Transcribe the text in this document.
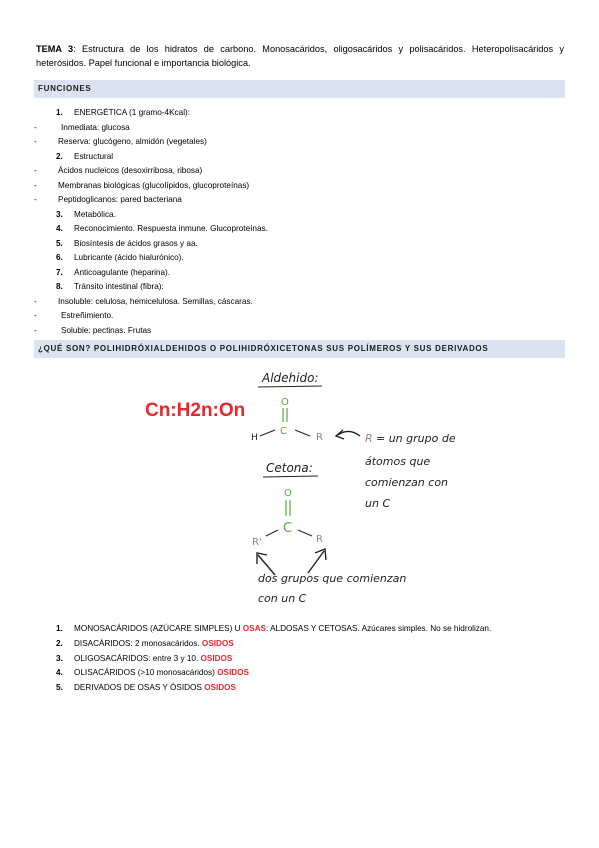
TEMA 3: Estructura de los hidratos de carbono. Monosacáridos, oligosacáridos y polisacáridos. Heteropolisacáridos y heterósidos. Papel funcional e importancia biológica.
FUNCIONES
1.	ENERGÉTICA (1 gramo-4Kcal):
-	Inmediata: glucosa
-	Reserva: glucógeno, almidón (vegetales)
2.	Estructural
-	Ácidos nucleicos (desoxirribosa, ribosa)
-	Membranas biológicas (glucolípidos, glucoproteínas)
-	Peptidoglicanos: pared bacteriana
3.	Metabólica.
4.	Reconocimiento. Respuesta inmune. Glucoproteínas.
5.	Biosíntesis de ácidos grasos y aa.
6.	Lubricante (ácido hialurónico).
7.	Anticoagulante (heparina).
8.	Tránsito intestinal (fibra):
-	Insoluble: celulosa, hemicelulosa. Semillas, cáscaras.
-	Estreñimiento.
-	Soluble: pectinas. Frutas
¿QUÉ SON? POLIHIDRÓXIALDEHIDOS O POLIHIDRÓXICETONAS SUS POLÍMEROS Y SUS DERIVADOS
Cn:H2n:On
Aldehido:
O
C
H	R	R = un grupo de
átomos que
comienzan con
un C
Cetona:
O
C
R'	R
dos grupos que comienzan
con un C
1.	MONOSACÁRIDOS (AZÚCARE SIMPLES) U OSAS: ALDOSAS Y CETOSAS. Azúcares simples. No se hidrolizan.
2.	DISACÁRIDOS: 2 monosacáridos. OSIDOS
3.	OLIGOSACÁRIDOS: entre 3 y 10. OSIDOS
4.	OLISACÁRIDOS (>10 monosacáridos) OSIDOS
5.	DERIVADOS DE OSAS Y ÓSIDOS OSIDOS
